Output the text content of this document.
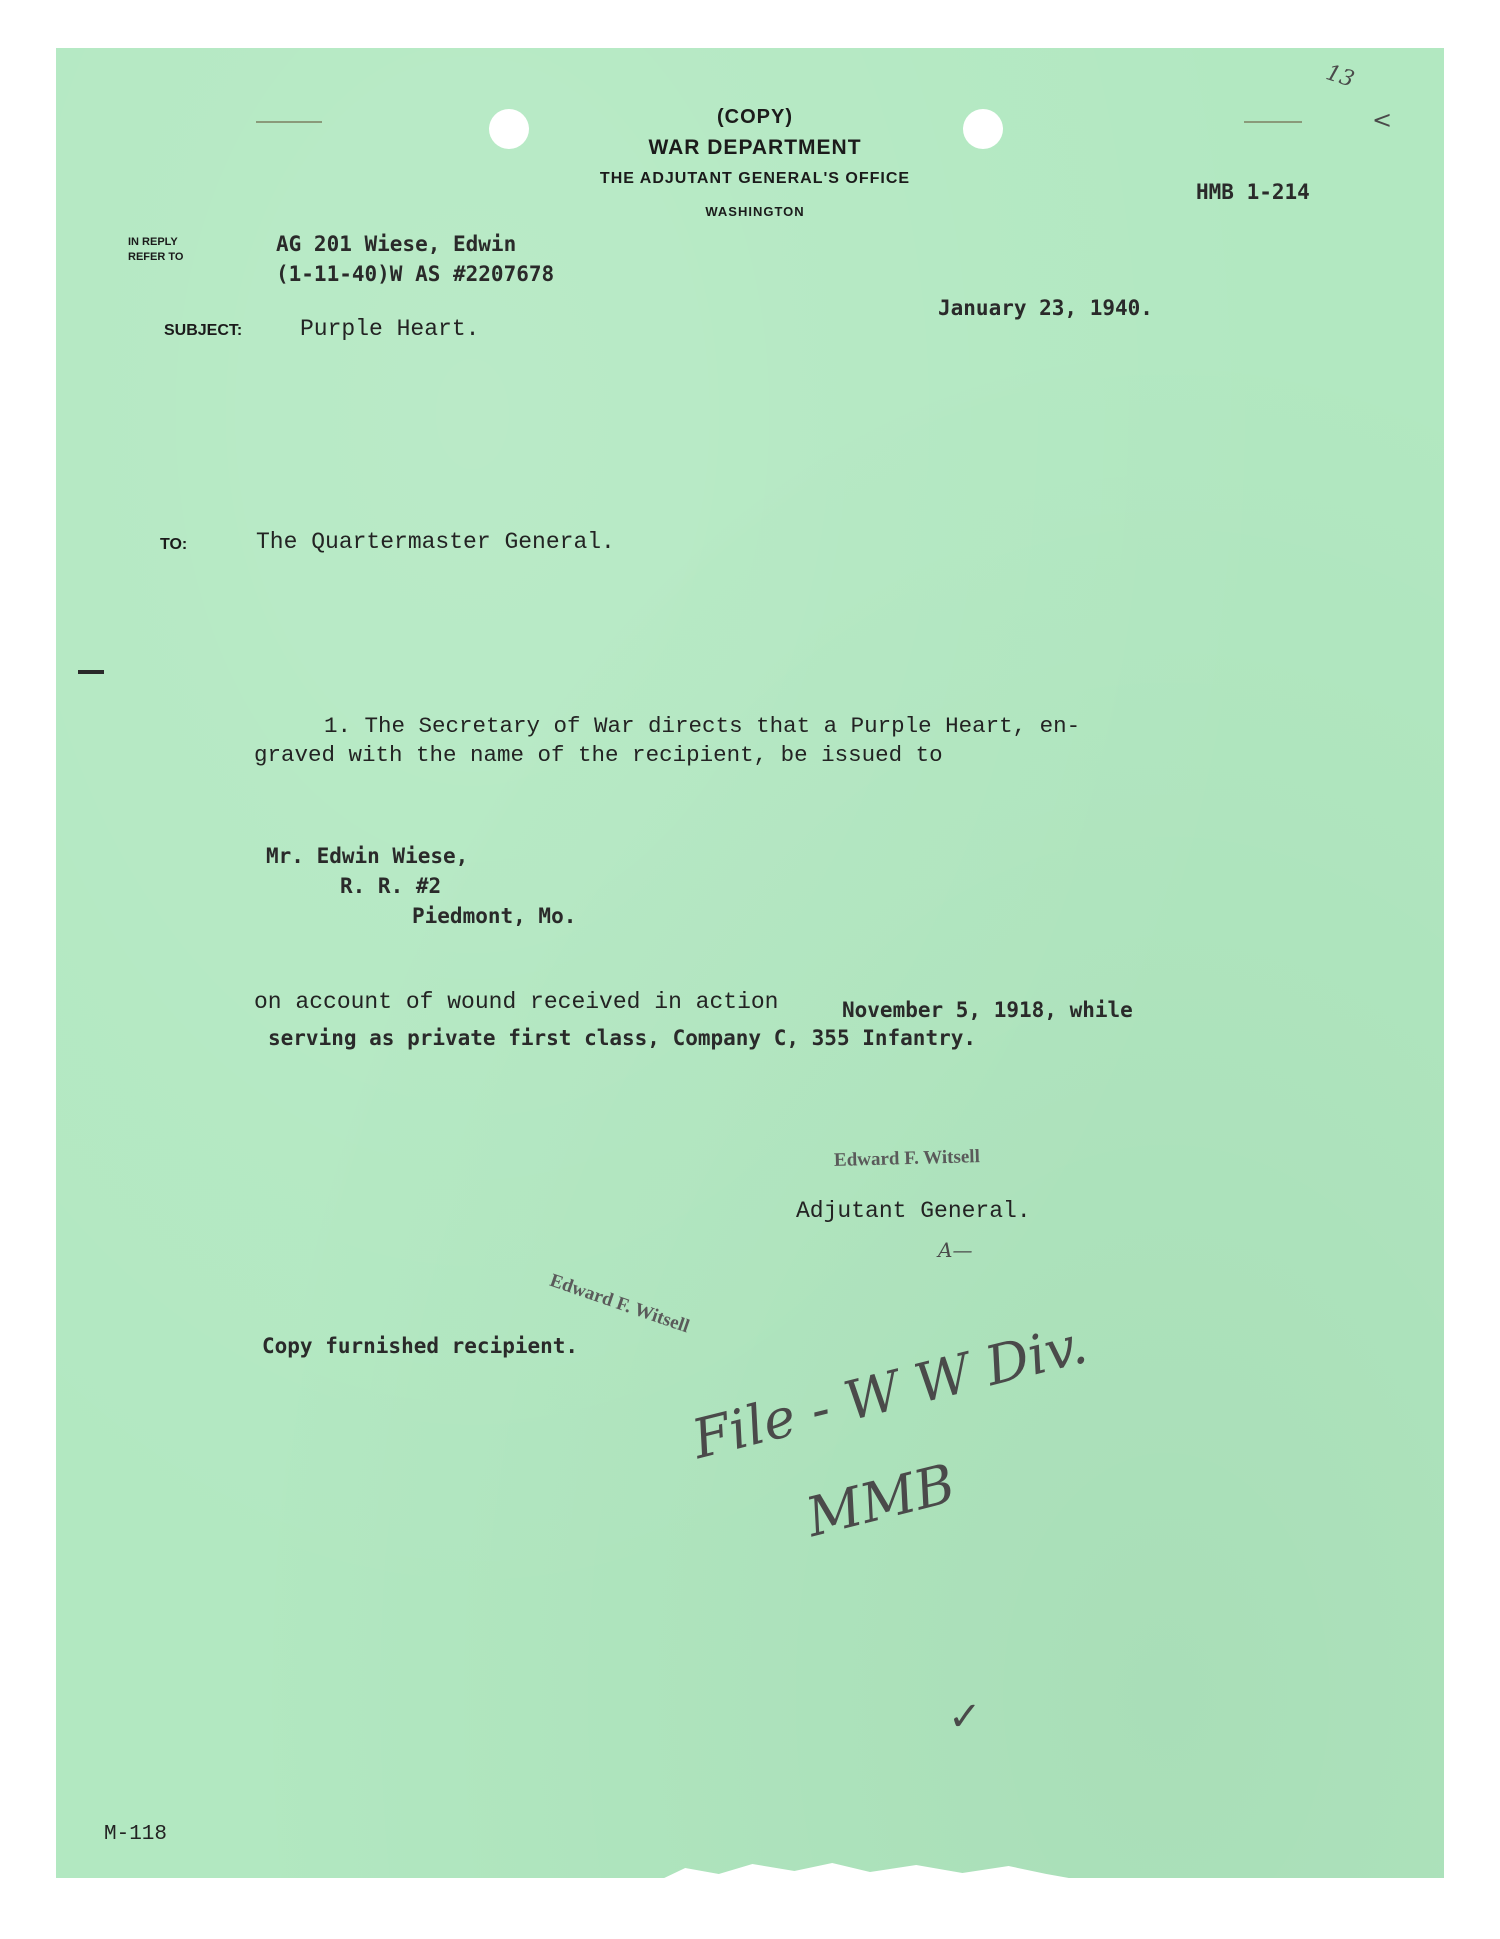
(COPY)
WAR DEPARTMENT
THE ADJUTANT GENERAL'S OFFICE
WASHINGTON
HMB 1-214
13
<
IN REPLY
REFER TO
AG 201 Wiese, Edwin
(1-11-40)W AS #2207678
January 23, 1940.
SUBJECT:	Purple Heart.
TO:	The Quartermaster General.
1. The Secretary of War directs that a Purple Heart, en-
graved with the name of the recipient, be issued to
Mr. Edwin Wiese,
R. R. #2
Piedmont, Mo.
on account of wound received in action	November 5, 1918, while
serving as private first class, Company C, 355 Infantry.
Edward F. Witsell
Adjutant General.
A—
Edward F. Witsell
Copy furnished recipient. File - W W Div.
MMB
✓
M-118
